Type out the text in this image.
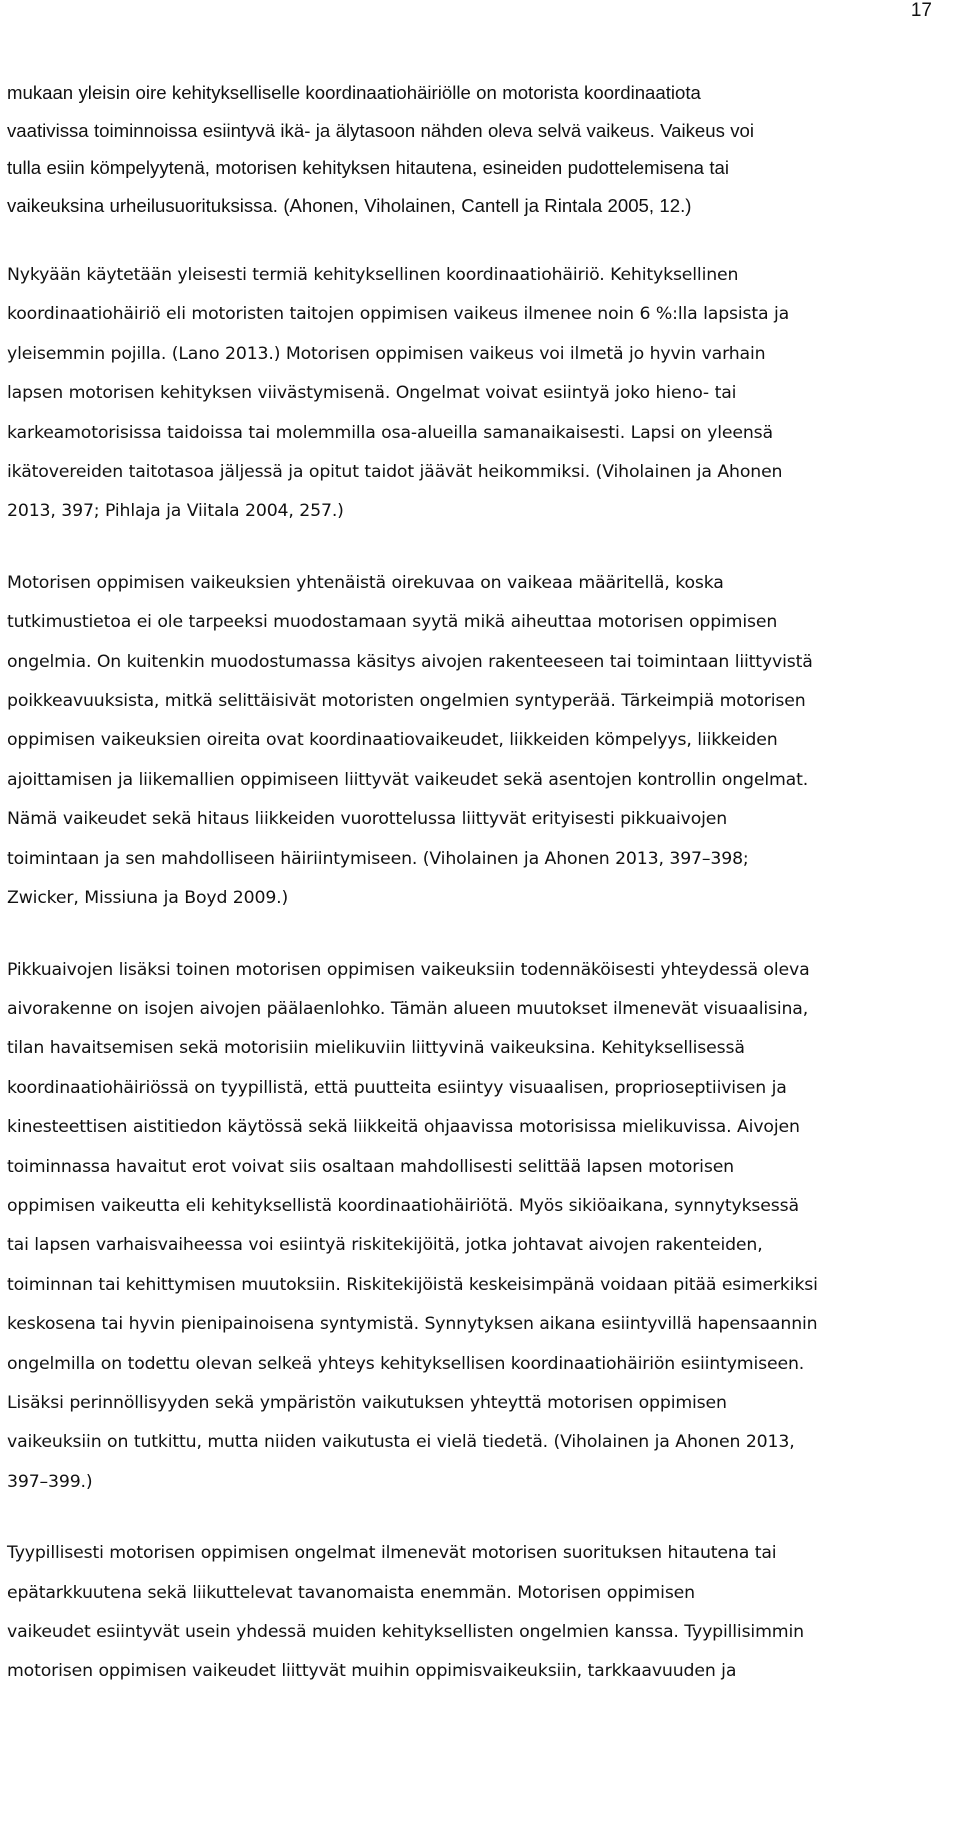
17

mukaan yleisin oire kehitykselliselle koordinaatiohäiriölle on motorista koordinaatiota
vaativissa toiminnoissa esiintyvä ikä- ja älytasoon nähden oleva selvä vaikeus. Vaikeus voi
tulla esiin kömpelyytenä, motorisen kehityksen hitautena, esineiden pudottelemisena tai
vaikeuksina urheilusuorituksissa. (Ahonen, Viholainen, Cantell ja Rintala 2005, 12.)

Nykyään käytetään yleisesti termiä kehityksellinen koordinaatiohäiriö. Kehityksellinen
koordinaatiohäiriö eli motoristen taitojen oppimisen vaikeus ilmenee noin 6 %:lla lapsista ja
yleisemmin pojilla. (Lano 2013.) Motorisen oppimisen vaikeus voi ilmetä jo hyvin varhain
lapsen motorisen kehityksen viivästymisenä. Ongelmat voivat esiintyä joko hieno- tai
karkeamotorisissa taidoissa tai molemmilla osa-alueilla samanaikaisesti. Lapsi on yleensä
ikätovereiden taitotasoa jäljessä ja opitut taidot jäävät heikommiksi. (Viholainen ja Ahonen
2013, 397; Pihlaja ja Viitala 2004, 257.)

Motorisen oppimisen vaikeuksien yhtenäistä oirekuvaa on vaikeaa määritellä, koska
tutkimustietoa ei ole tarpeeksi muodostamaan syytä mikä aiheuttaa motorisen oppimisen
ongelmia. On kuitenkin muodostumassa käsitys aivojen rakenteeseen tai toimintaan liittyvistä
poikkeavuuksista, mitkä selittäisivät motoristen ongelmien syntyperää. Tärkeimpiä motorisen
oppimisen vaikeuksien oireita ovat koordinaatiovaikeudet, liikkeiden kömpelyys, liikkeiden
ajoittamisen ja liikemallien oppimiseen liittyvät vaikeudet sekä asentojen kontrollin ongelmat.
Nämä vaikeudet sekä hitaus liikkeiden vuorottelussa liittyvät erityisesti pikkuaivojen
toimintaan ja sen mahdolliseen häiriintymiseen. (Viholainen ja Ahonen 2013, 397–398;
Zwicker, Missiuna ja Boyd 2009.)

Pikkuaivojen lisäksi toinen motorisen oppimisen vaikeuksiin todennäköisesti yhteydessä oleva
aivorakenne on isojen aivojen päälaenlohko. Tämän alueen muutokset ilmenevät visuaalisina,
tilan havaitsemisen sekä motorisiin mielikuviin liittyvinä vaikeuksina. Kehityksellisessä
koordinaatiohäiriössä on tyypillistä, että puutteita esiintyy visuaalisen, proprioseptiivisen ja
kinesteettisen aistitiedon käytössä sekä liikkeitä ohjaavissa motorisissa mielikuvissa. Aivojen
toiminnassa havaitut erot voivat siis osaltaan mahdollisesti selittää lapsen motorisen
oppimisen vaikeutta eli kehityksellistä koordinaatiohäiriötä. Myös sikiöaikana, synnytyksessä
tai lapsen varhaisvaiheessa voi esiintyä riskitekijöitä, jotka johtavat aivojen rakenteiden,
toiminnan tai kehittymisen muutoksiin. Riskitekijöistä keskeisimpänä voidaan pitää esimerkiksi
keskosena tai hyvin pienipainoisena syntymistä. Synnytyksen aikana esiintyvillä hapensaannin
ongelmilla on todettu olevan selkeä yhteys kehityksellisen koordinaatiohäiriön esiintymiseen.
Lisäksi perinnöllisyyden sekä ympäristön vaikutuksen yhteyttä motorisen oppimisen
vaikeuksiin on tutkittu, mutta niiden vaikutusta ei vielä tiedetä. (Viholainen ja Ahonen 2013,
397–399.)

Tyypillisesti motorisen oppimisen ongelmat ilmenevät motorisen suorituksen hitautena tai
epätarkkuutena sekä liikuttelevat tavanomaista enemmän. Motorisen oppimisen
vaikeudet esiintyvät usein yhdessä muiden kehityksellisten ongelmien kanssa. Tyypillisimmin
motorisen oppimisen vaikeudet liittyvät muihin oppimisvaikeuksiin, tarkkaavuuden ja
